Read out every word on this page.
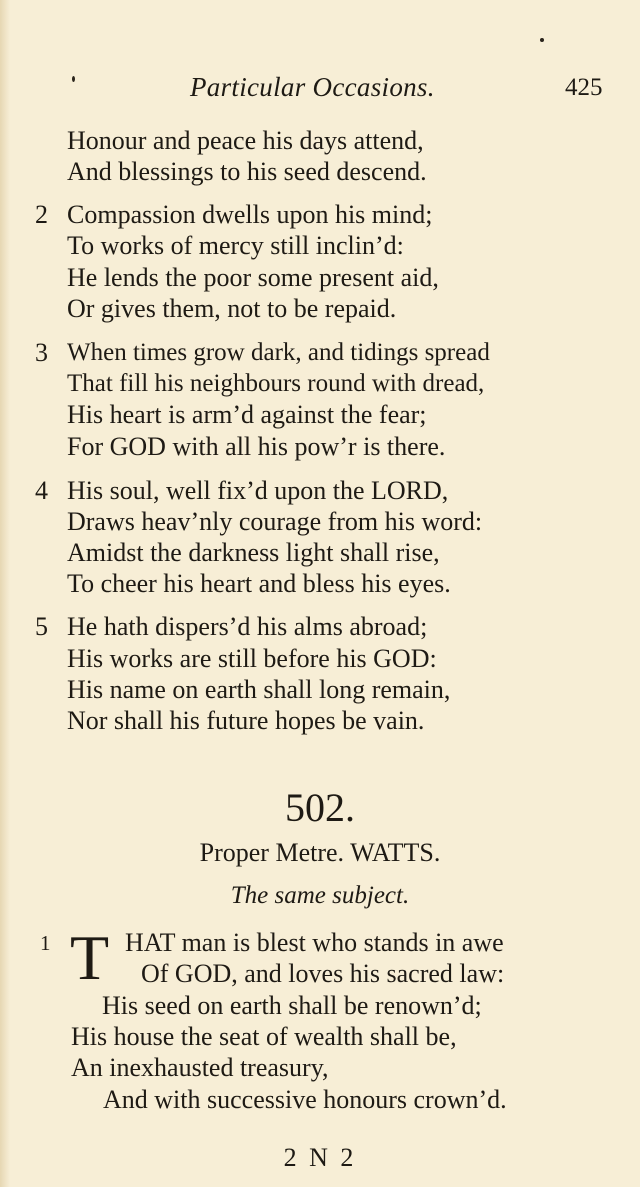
Particular Occasions.	425
Honour and peace his days attend,
And blessings to his seed descend.
2 Compassion dwells upon his mind;
To works of mercy still inclin’d:
He lends the poor some present aid,
Or gives them, not to be repaid.
3 When times grow dark, and tidings spread
That fill his neighbours round with dread,
His heart is arm’d against the fear;
For GOD with all his pow’r is there.
4 His soul, well fix’d upon the LORD,
Draws heav’nly courage from his word:
Amidst the darkness light shall rise,
To cheer his heart and bless his eyes.
5 He hath dispers’d his alms abroad;
His works are still before his GOD:
His name on earth shall long remain,
Nor shall his future hopes be vain.
502.
Proper Metre. WATTS.
The same subject.
1 T HAT man is blest who stands in awe
Of GOD, and loves his sacred law:
His seed on earth shall be renown’d;
His house the seat of wealth shall be,
An inexhausted treasury,
And with successive honours crown’d.
2 N 2
